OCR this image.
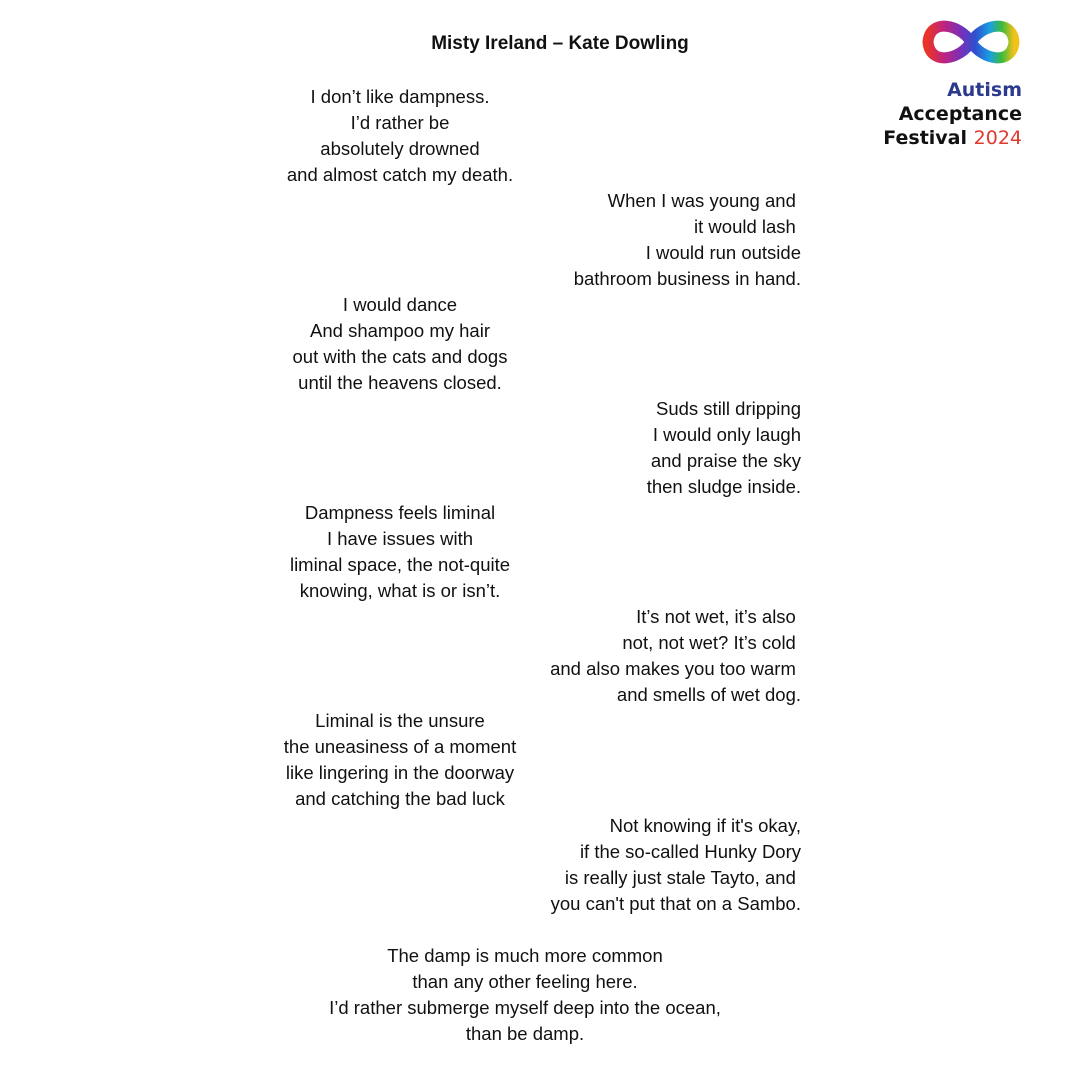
Misty Ireland – Kate Dowling
Autism
Acceptance
Festival 2024
I don’t like dampness.
I’d rather be
absolutely drowned
and almost catch my death.
When I was young and
it would lash
I would run outside
bathroom business in hand.
I would dance
And shampoo my hair
out with the cats and dogs
until the heavens closed.
Suds still dripping
I would only laugh
and praise the sky
then sludge inside.
Dampness feels liminal
I have issues with
liminal space, the not-quite
knowing, what is or isn’t.
It’s not wet, it’s also
not, not wet? It’s cold
and also makes you too warm
and smells of wet dog.
Liminal is the unsure
the uneasiness of a moment
like lingering in the doorway
and catching the bad luck
Not knowing if it's okay,
if the so-called Hunky Dory
is really just stale Tayto, and
you can't put that on a Sambo.
The damp is much more common
than any other feeling here.
I’d rather submerge myself deep into the ocean,
than be damp.
